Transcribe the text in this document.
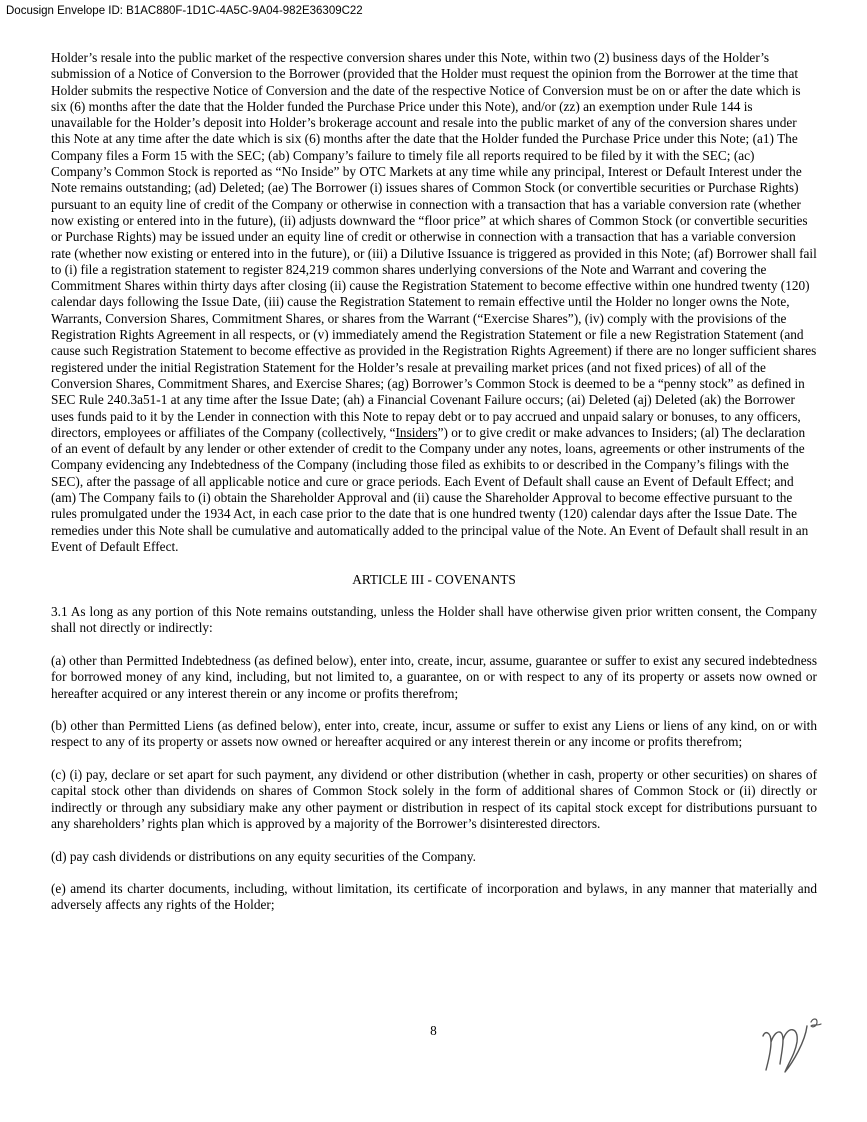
Docusign Envelope ID: B1AC880F-1D1C-4A5C-9A04-982E36309C22

Holder’s resale into the public market of the respective conversion shares under this Note, within two (2) business days of the Holder’s submission of a Notice of Conversion to the Borrower (provided that the Holder must request the opinion from the Borrower at the time that Holder submits the respective Notice of Conversion and the date of the respective Notice of Conversion must be on or after the date which is six (6) months after the date that the Holder funded the Purchase Price under this Note), and/or (zz) an exemption under Rule 144 is unavailable for the Holder’s deposit into Holder’s brokerage account and resale into the public market of any of the conversion shares under this Note at any time after the date which is six (6) months after the date that the Holder funded the Purchase Price under this Note; (a1) The Company files a Form 15 with the SEC; (ab) Company’s failure to timely file all reports required to be filed by it with the SEC; (ac) Company’s Common Stock is reported as “No Inside” by OTC Markets at any time while any principal, Interest or Default Interest under the Note remains outstanding; (ad) Deleted; (ae) The Borrower (i) issues shares of Common Stock (or convertible securities or Purchase Rights) pursuant to an equity line of credit of the Company or otherwise in connection with a transaction that has a variable conversion rate (whether now existing or entered into in the future), (ii) adjusts downward the “floor price” at which shares of Common Stock (or convertible securities or Purchase Rights) may be issued under an equity line of credit or otherwise in connection with a transaction that has a variable conversion rate (whether now existing or entered into in the future), or (iii) a Dilutive Issuance is triggered as provided in this Note; (af) Borrower shall fail to (i) file a registration statement to register 824,219 common shares underlying conversions of the Note and Warrant and covering the Commitment Shares within thirty days after closing (ii) cause the Registration Statement to become effective within one hundred twenty (120) calendar days following the Issue Date, (iii) cause the Registration Statement to remain effective until the Holder no longer owns the Note, Warrants, Conversion Shares, Commitment Shares, or shares from the Warrant (“Exercise Shares”), (iv) comply with the provisions of the Registration Rights Agreement in all respects, or (v) immediately amend the Registration Statement or file a new Registration Statement (and cause such Registration Statement to become effective as provided in the Registration Rights Agreement) if there are no longer sufficient shares registered under the initial Registration Statement for the Holder’s resale at prevailing market prices (and not fixed prices) of all of the Conversion Shares, Commitment Shares, and Exercise Shares; (ag) Borrower’s Common Stock is deemed to be a “penny stock” as defined in SEC Rule 240.3a51-1 at any time after the Issue Date; (ah) a Financial Covenant Failure occurs; (ai) Deleted (aj) Deleted (ak) the Borrower uses funds paid to it by the Lender in connection with this Note to repay debt or to pay accrued and unpaid salary or bonuses, to any officers, directors, employees or affiliates of the Company (collectively, “Insiders”) or to give credit or make advances to Insiders; (al) The declaration of an event of default by any lender or other extender of credit to the Company under any notes, loans, agreements or other instruments of the Company evidencing any Indebtedness of the Company (including those filed as exhibits to or described in the Company’s filings with the SEC), after the passage of all applicable notice and cure or grace periods. Each Event of Default shall cause an Event of Default Effect; and (am) The Company fails to (i) obtain the Shareholder Approval and (ii) cause the Shareholder Approval to become effective pursuant to the rules promulgated under the 1934 Act, in each case prior to the date that is one hundred twenty (120) calendar days after the Issue Date. The remedies under this Note shall be cumulative and automatically added to the principal value of the Note. An Event of Default shall result in an Event of Default Effect.

ARTICLE III - COVENANTS

3.1 As long as any portion of this Note remains outstanding, unless the Holder shall have otherwise given prior written consent, the Company shall not directly or indirectly:

(a) other than Permitted Indebtedness (as defined below), enter into, create, incur, assume, guarantee or suffer to exist any secured indebtedness for borrowed money of any kind, including, but not limited to, a guarantee, on or with respect to any of its property or assets now owned or hereafter acquired or any interest therein or any income or profits therefrom;

(b) other than Permitted Liens (as defined below), enter into, create, incur, assume or suffer to exist any Liens or liens of any kind, on or with respect to any of its property or assets now owned or hereafter acquired or any interest therein or any income or profits therefrom;

(c) (i) pay, declare or set apart for such payment, any dividend or other distribution (whether in cash, property or other securities) on shares of capital stock other than dividends on shares of Common Stock solely in the form of additional shares of Common Stock or (ii) directly or indirectly or through any subsidiary make any other payment or distribution in respect of its capital stock except for distributions pursuant to any shareholders’ rights plan which is approved by a majority of the Borrower’s disinterested directors.

(d) pay cash dividends or distributions on any equity securities of the Company.

(e) amend its charter documents, including, without limitation, its certificate of incorporation and bylaws, in any manner that materially and adversely affects any rights of the Holder;

8
